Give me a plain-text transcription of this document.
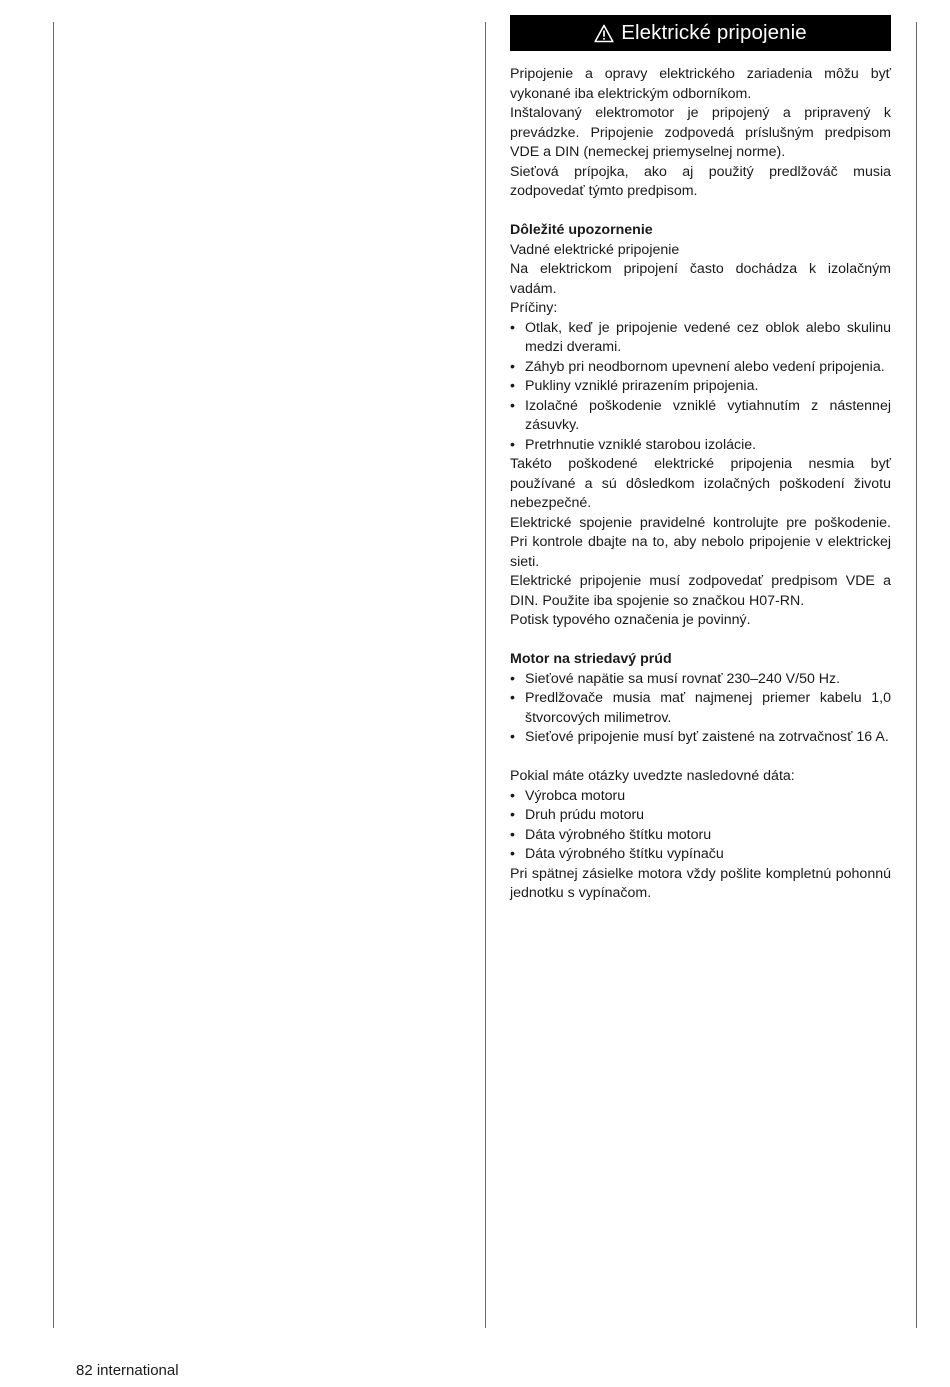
Elektrické pripojenie

Pripojenie a opravy elektrického zariadenia môžu byť vykonané iba elektrickým odborníkom.

Inštalovaný elektromotor je pripojený a pripravený k prevádzke. Pripojenie zodpovedá príslušným predpisom VDE a DIN (nemeckej priemyselnej norme).

Sieťová prípojka, ako aj použitý predlžováč musia zodpovedať týmto predpisom.

Dôležité upozornenie

Vadné elektrické pripojenie

Na elektrickom pripojení často dochádza k izolačným vadám.

Príčiny:

• Otlak, keď je pripojenie vedené cez oblok alebo skulinu medzi dverami.
• Záhyb pri neodbornom upevnení alebo vedení pripojenia.
• Pukliny vzniklé prirazením pripojenia.
• Izolačné poškodenie vzniklé vytiahnutím z nástennej zásuvky.
• Pretrhnutie vzniklé starobou izolácie.

Takéto poškodené elektrické pripojenia nesmia byť používané a sú dôsledkom izolačných poškodení životu nebezpečné.

Elektrické spojenie pravidelné kontrolujte pre poškodenie. Pri kontrole dbajte na to, aby nebolo pripojenie v elektrickej sieti.

Elektrické pripojenie musí zodpovedať predpisom VDE a DIN. Použite iba spojenie so značkou H07-RN.

Potisk typového označenia je povinný.

Motor na striedavý prúd

• Sieťové napätie sa musí rovnať 230–240 V/50 Hz.
• Predlžovače musia mať najmenej priemer kabelu 1,0 štvorcových milimetrov.
• Sieťové pripojenie musí byť zaistené na zotrvačnosť 16 A.

Pokial máte otázky uvedzte nasledovné dáta:

• Výrobca motoru
• Druh prúdu motoru
• Dáta výrobného štítku motoru
• Dáta výrobného štítku vypínaču

Pri spätnej zásielke motora vždy pošlite kompletnú pohonnú jednotku s vypínačom.

82 international
